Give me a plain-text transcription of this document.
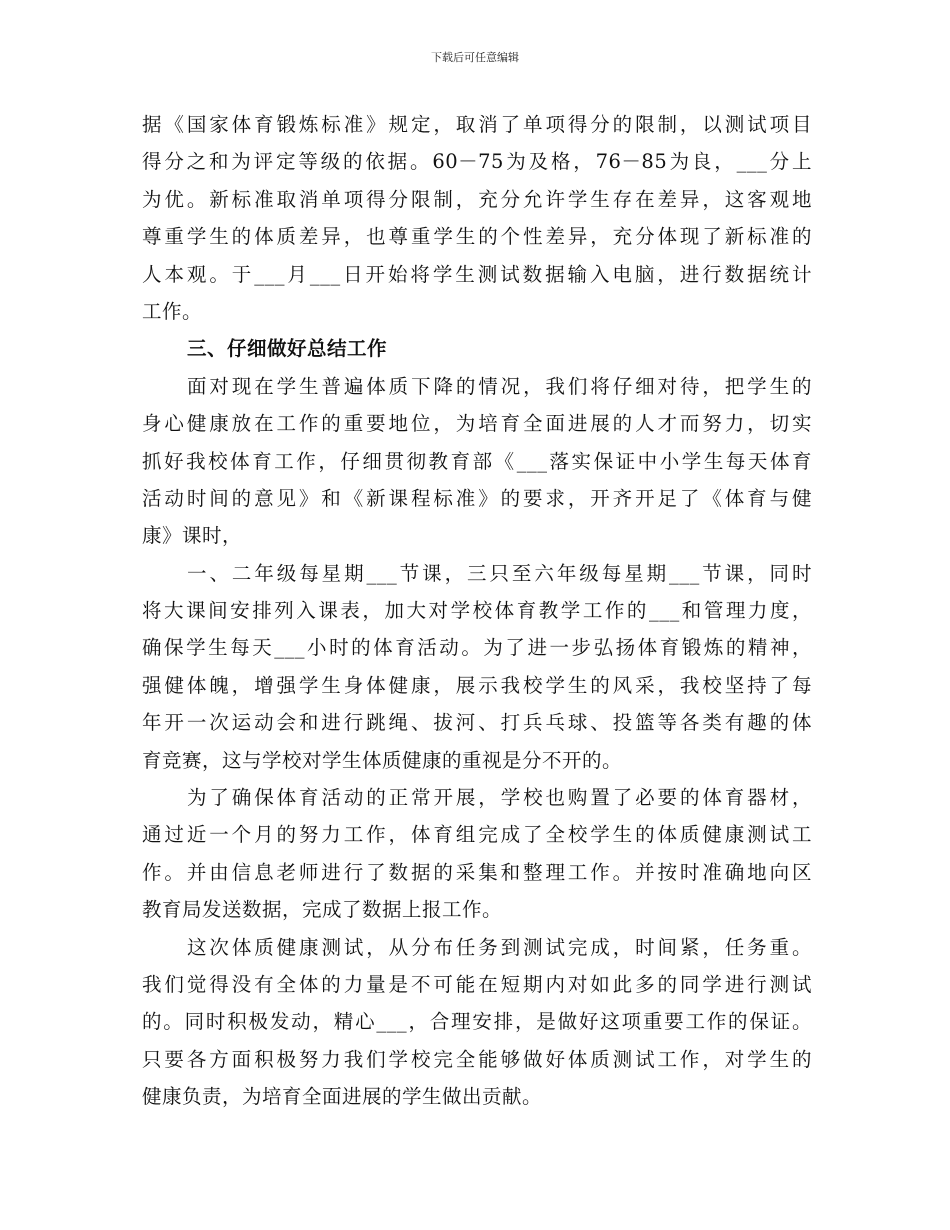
下载后可任意编辑
据《国家体育锻炼标准》规定，取消了单项得分的限制，以测试项目
得分之和为评定等级的依据。60－75为及格，76－85为良，___分上
为优。新标准取消单项得分限制，充分允许学生存在差异，这客观地
尊重学生的体质差异，也尊重学生的个性差异，充分体现了新标准的
人本观。于___月___日开始将学生测试数据输入电脑，进行数据统计
工作。
三、仔细做好总结工作
面对现在学生普遍体质下降的情况，我们将仔细对待，把学生的
身心健康放在工作的重要地位，为培育全面进展的人才而努力，切实
抓好我校体育工作，仔细贯彻教育部《___落实保证中小学生每天体育
活动时间的意见》和《新课程标准》的要求，开齐开足了《体育与健
康》课时，
一、二年级每星期___节课，三只至六年级每星期___节课，同时
将大课间安排列入课表，加大对学校体育教学工作的___和管理力度，
确保学生每天___小时的体育活动。为了进一步弘扬体育锻炼的精神，
强健体魄，增强学生身体健康，展示我校学生的风采，我校坚持了每
年开一次运动会和进行跳绳、拔河、打兵乓球、投篮等各类有趣的体
育竞赛，这与学校对学生体质健康的重视是分不开的。
为了确保体育活动的正常开展，学校也购置了必要的体育器材，
通过近一个月的努力工作，体育组完成了全校学生的体质健康测试工
作。并由信息老师进行了数据的采集和整理工作。并按时准确地向区
教育局发送数据，完成了数据上报工作。
这次体质健康测试，从分布任务到测试完成，时间紧，任务重。
我们觉得没有全体的力量是不可能在短期内对如此多的同学进行测试
的。同时积极发动，精心___，合理安排，是做好这项重要工作的保证。
只要各方面积极努力我们学校完全能够做好体质测试工作，对学生的
健康负责，为培育全面进展的学生做出贡献。
